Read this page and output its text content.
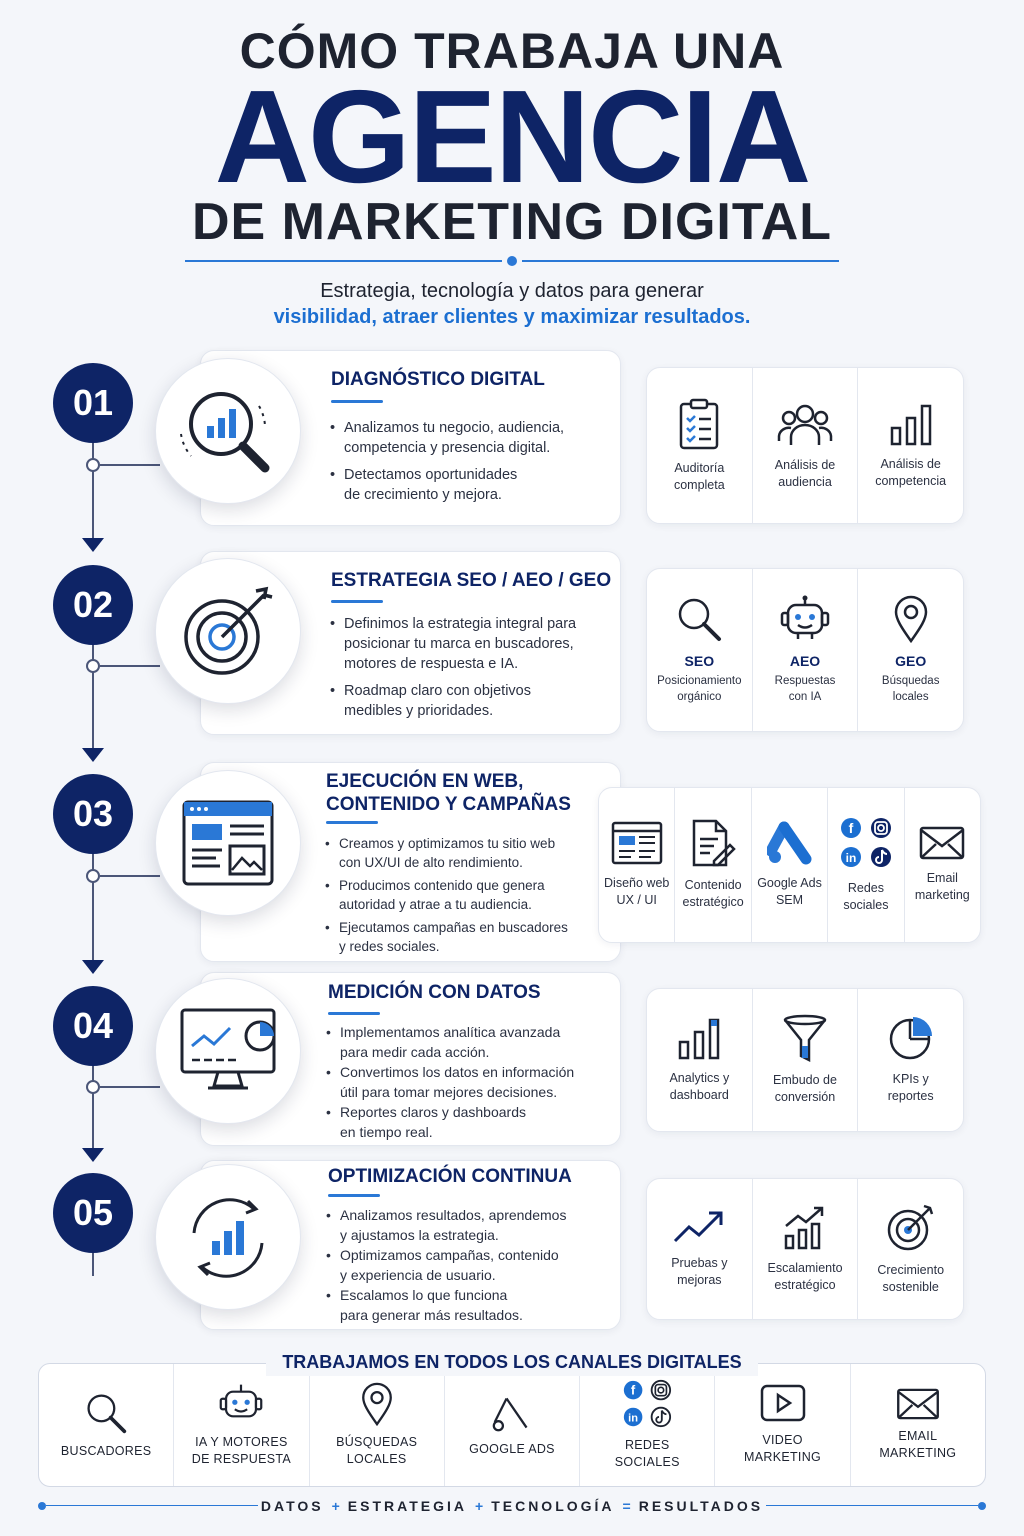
CÓMO TRABAJA UNA
AGENCIA
DE MARKETING DIGITAL
Estrategia, tecnología y datos para generar
visibilidad, atraer clientes y maximizar resultados.
01
DIAGNÓSTICO DIGITAL
• Analizamos tu negocio, audiencia,
competencia y presencia digital.
• Detectamos oportunidades
de crecimiento y mejora.
Auditoría
completa
Análisis de
audiencia
Análisis de
competencia
02
ESTRATEGIA SEO / AEO / GEO
• Definimos la estrategia integral para
posicionar tu marca en buscadores,
motores de respuesta e IA.
• Roadmap claro con objetivos
medibles y prioridades.
SEO
Posicionamiento
orgánico
AEO
Respuestas
con IA
GEO
Búsquedas
locales
03
EJECUCIÓN EN WEB,
CONTENIDO Y CAMPAÑAS
• Creamos y optimizamos tu sitio web
con UX/UI de alto rendimiento.
• Producimos contenido que genera
autoridad y atrae a tu audiencia.
• Ejecutamos campañas en buscadores
y redes sociales.
Diseño web
UX / UI
Contenido
estratégico
Google Ads
SEM
f
in
Redes
sociales
Email
marketing
04
MEDICIÓN CON DATOS
• Implementamos analítica avanzada
para medir cada acción.
• Convertimos los datos en información
útil para tomar mejores decisiones.
• Reportes claros y dashboards
en tiempo real.
Analytics y
dashboard
Embudo de
conversión
KPIs y
reportes
05
OPTIMIZACIÓN CONTINUA
• Analizamos resultados, aprendemos
y ajustamos la estrategia.
• Optimizamos campañas, contenido
y experiencia de usuario.
• Escalamos lo que funciona
para generar más resultados.
Pruebas y
mejoras
Escalamiento
estratégico
Crecimiento
sostenible
BUSCADORES
IA Y MOTORES
DE RESPUESTA
BÚSQUEDAS
LOCALES
GOOGLE ADS
f
in
REDES
SOCIALES
VIDEO
MARKETING
EMAIL
MARKETING
TRABAJAMOS EN TODOS LOS CANALES DIGITALES
DATOS + ESTRATEGIA + TECNOLOGÍA = RESULTADOS
